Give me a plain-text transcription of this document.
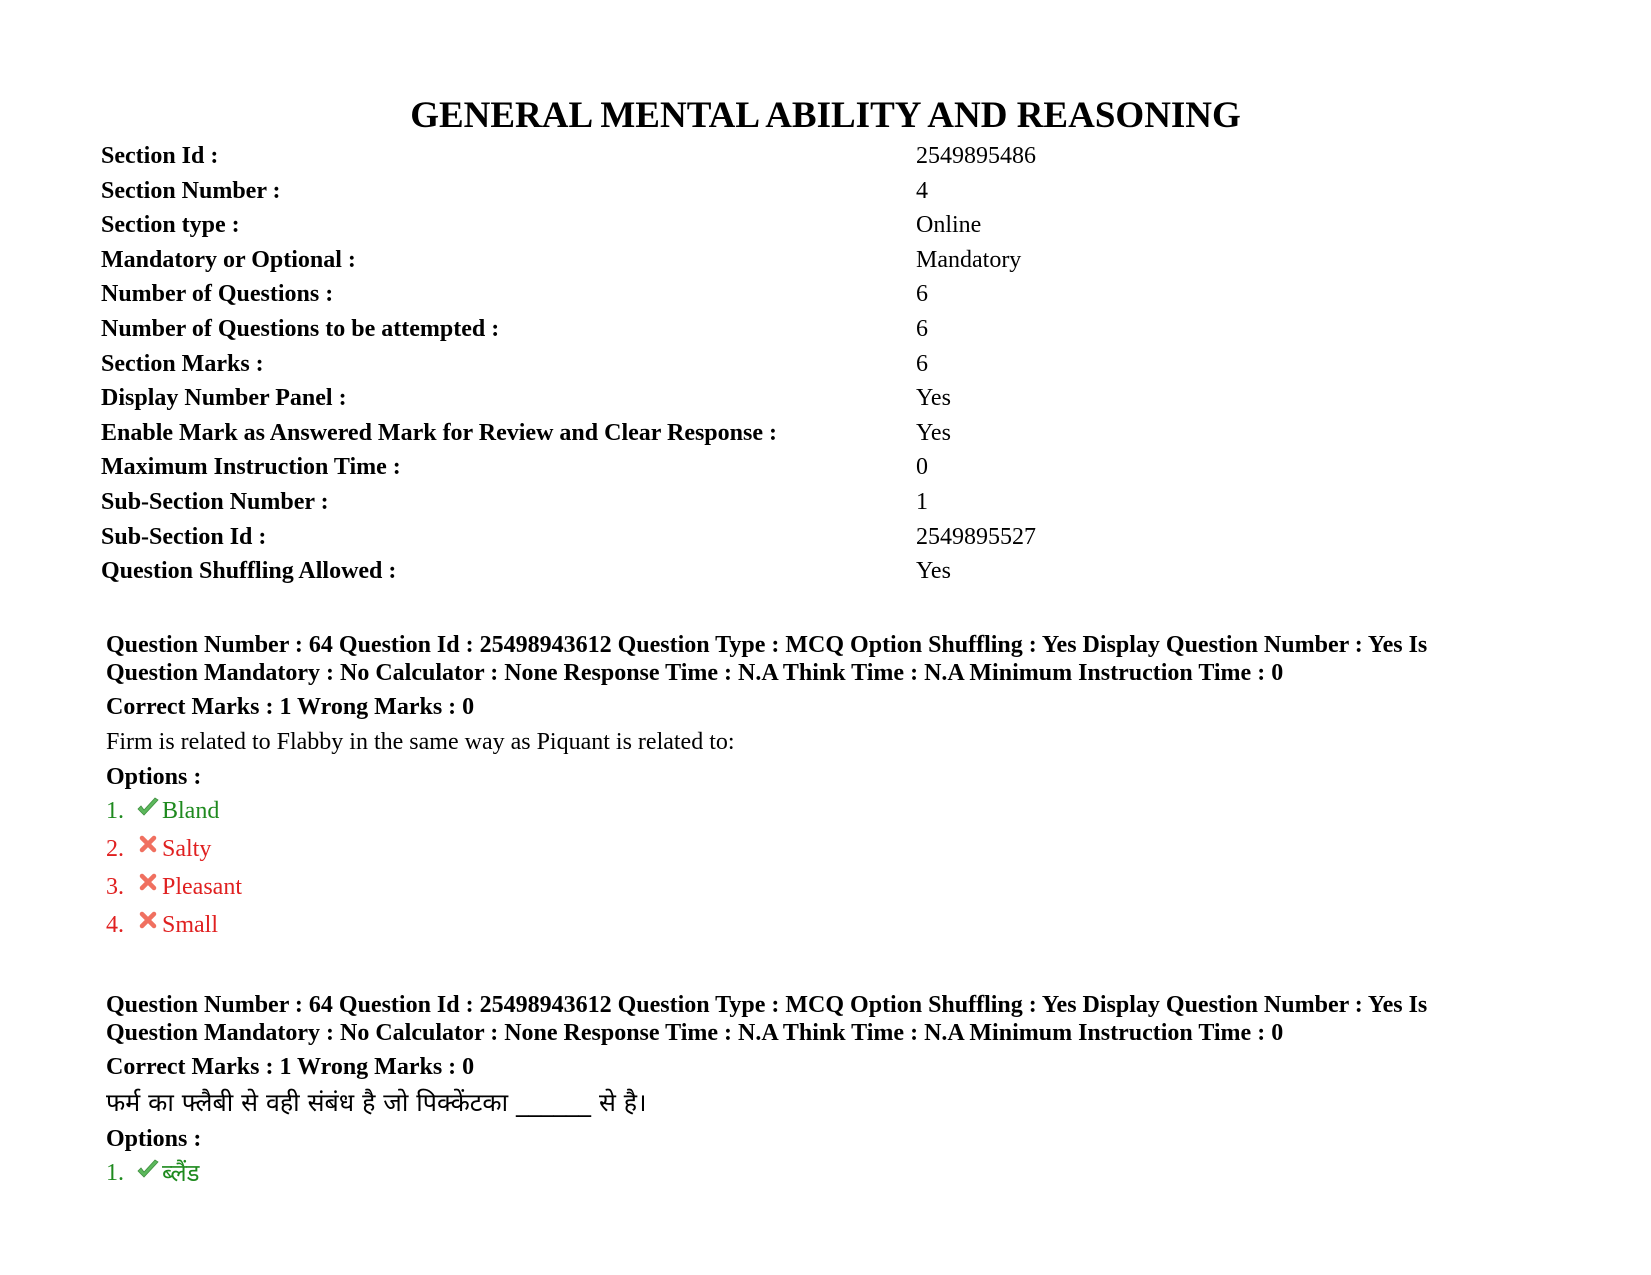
GENERAL MENTAL ABILITY AND REASONING
Section Id :	2549895486
Section Number :	4
Section type :	Online
Mandatory or Optional :	Mandatory
Number of Questions :	6
Number of Questions to be attempted :	6
Section Marks :	6
Display Number Panel :	Yes
Enable Mark as Answered Mark for Review and Clear Response :	Yes
Maximum Instruction Time :	0
Sub-Section Number :	1
Sub-Section Id :	2549895527
Question Shuffling Allowed :	Yes
Question Number : 64 Question Id : 25498943612 Question Type : MCQ Option Shuffling : Yes Display Question Number : Yes Is
Question Mandatory : No Calculator : None Response Time : N.A Think Time : N.A Minimum Instruction Time : 0
Correct Marks : 1 Wrong Marks : 0
Firm is related to Flabby in the same way as Piquant is related to:
Options :
1.	Bland
2.	Salty
3.	Pleasant
4.	Small
Question Number : 64 Question Id : 25498943612 Question Type : MCQ Option Shuffling : Yes Display Question Number : Yes Is
Question Mandatory : No Calculator : None Response Time : N.A Think Time : N.A Minimum Instruction Time : 0
Correct Marks : 1 Wrong Marks : 0
फर्म का फ्लैबी से वही संबंध है जो पिक्केंटका ______ से है।
Options :
1.	ब्लैंड
